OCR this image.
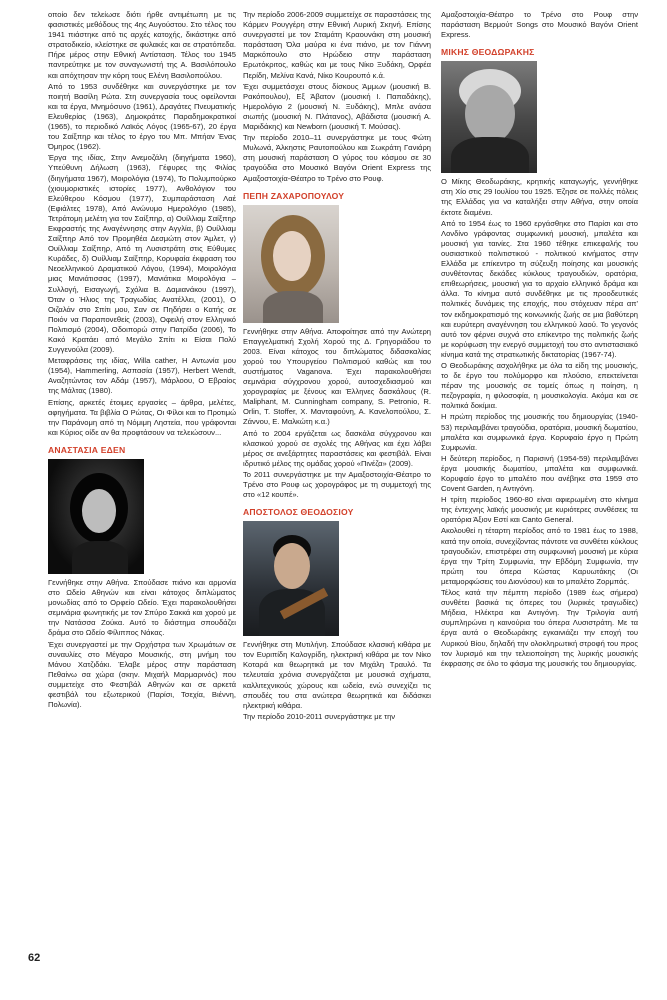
οποίο δεν τελείωσε διότι ήρθε αντιμέτωπη με τις φασιστικές μεθόδους της 4ης Αυγούστου. Στο τέλος του 1941 πιάστηκε από τις αρχές κατοχής, δικάστηκε από στρατοδικείο, κλείστηκε σε φυλακές και σε στρατόπεδα. Πήρε μέρος στην Εθνική Αντίσταση. Τέλος του 1945 παντρεύτηκε με τον συναγωνιστή της Α. Βασιλόπουλο και απόχτησαν την κόρη τους Ελένη Βασιλοπούλου.

Από το 1953 συνδέθηκε και συνεργάστηκε με τον ποιητή Βασίλη Ρώτα. Στη συνεργασία τους οφείλονται και τα έργα, Μνημόσυνο (1961), Δραγάτες Πνευματικής Ελευθερίας (1963), Δημοκράτες Παραδημοκρατικοί (1965), το περιοδικό Λαϊκός Λόγος (1965-67), 20 έργα του Σαίξπηρ και τέλος το έργο του Μπ. Μπήαν Ένας Όμηρος (1962).

Έργα της ιδίας, Στην Ανεμοζάλη (διηγήματα 1960), Υπεύθυνη Δήλωση (1963), Γέφυρες της Φιλίας (διηγήματα 1967), Μοιρολόγια (1974), Το Πολυμπούρκο (χιουμοριστικές ιστορίες 1977), Ανθολόγιον του Ελεύθερου Κόσμου (1977), Συμπαράσταση Λαέ (Εφιάλτες 1978), Από Ανώνυμο Ημερολόγιο (1985), Τετράτομη μελέτη για τον Σαίξπηρ, α) Ουίλλιαμ Σαίξπηρ Εκφραστής της Αναγέννησης στην Αγγλία, β) Ουίλλιαμ Σαίξπηρ Από τον Προμηθέα Δεσμώτη στον Άμλετ, γ) Ουίλλιαμ Σαίξπηρ, Από τη Λυσιστράτη στις Εύθυμες Κυράδες, δ) Ουίλλιαμ Σαίξπηρ, Κορυφαία έκφραση του Νεοελληνικού Δραματικού Λόγου, (1994), Μοιρολόγια μιας Μανιάτισσας (1997), Μανιάτικα Μοιρολόγια – Συλλογή, Εισαγωγή, Σχόλια Β. Δαμιανάκου (1997), Όταν ο Ήλιος της Τραγωδίας Ανατέλλει, (2001), Ο Οιζαλάν στο Σπίτι μου, Σαν σε Πηδήσει ο Κατής σε Ποιόν να Παραπονεθείς (2003), Οφειλή στον Ελληνικό Πολιτισμό (2004), Οδοιπορώ στην Πατρίδα (2006), Το Κακό Κρατάει από Μεγάλο Σπίτι κι Είσαι Πολύ Συγγενούλα (2009).

Μεταφράσεις της ιδίας, Willa cather, Η Αντωνία μου (1954), Hammerling, Ασπασία (1957), Herbert Wendt, Αναζητώντας τον Αδάμ (1957), Μάρλοου, Ο Εβραίος της Μάλτας (1980).

Επίσης, αρκετές έτοιμες εργασίες – άρθρα, μελέτες, αφηγήματα. Τα βιβλία Ο Ρώτας, Οι Φίλοι και το Προτιμώ την Παράνομη από τη Νόμιμη Ληστεία, που γράφονται και Κύριος οίδε αν θα προφτάσουν να τελειώσουν...

ΑΝΑΣΤΑΣΙΑ ΕΔΕΝ

Γεννήθηκε στην Αθήνα. Σπούδασε πιάνο και αρμονία στο Ωδείο Αθηνών και είναι κάτοχος διπλώματος μονωδίας από το Ορφείο Ωδείο. Έχει παρακολουθήσει σεμινάρια φωνητικής με τον Σπύρο Σακκά και χορού με την Νατάσσα Ζούκα. Αυτό το διάστημα σπουδάζει δράμα στο Ωδείο Φίλιππος Νάκας.

Έχει συνεργαστεί με την Ορχήστρα των Χρωμάτων σε συναυλίες στο Μέγαρο Μουσικής, στη μνήμη του Μάνου Χατζιδάκι. Έλαβε μέρος στην παράσταση Πεθαίνω σα χώρα (σκην. Μιχαήλ Μαρμαρινός) που συμμετείχε στο Φεστιβάλ Αθηνών και σε αρκετά φεστιβάλ του εξωτερικού (Παρίσι, Τσεχία, Βιέννη, Πολωνία).

Την περίοδο 2006-2009 συμμετείχε σε παραστάσεις της Κάρμεν Ρουγγέρη στην Εθνική Λυρική Σκηνή. Επίσης συνεργαστεί με τον Σταμάτη Κραουνάκη στη μουσική παράσταση Όλα μαύρα κι ένα πιάνο, με τον Γιάννη Μαρκόπουλο στο Ηρώδειο στην παράσταση Ερωτόκριτος, καθώς και με τους Νίκο Ξυδάκη, Ορφέα Περίδη, Μελίνα Κανά, Νίκο Κουρουπό κ.ά.

Έχει συμμετάσχει στους δίσκους Άμμων (μουσική Β. Ρακόπουλου), Εξ Άβατον (μουσική Ι. Παπαδάκης), Ημερολόγιο 2 (μουσική Ν. Ξυδάκης), Μπλε ανάσα σιωπής (μουσική Ν. Πλάτανος), Αβάδιστα (μουσική Α. Μαριδάκης) και Newborn (μουσική Τ. Μούσας).

Την περίοδο 2010–11 συνεργάστηκε με τους Φώτη Μυλωνά, Άλκηστις Ραυτοπούλου και Σωκράτη Γανιάρη στη μουσική παράσταση Ο γύρος του κόσμου σε 30 τραγούδια στο Μουσικό Βαγόνι Orient Express της Αμαξοστοιχία-Θέατρο το Τρένο στο Ρουφ.

ΠΕΠΗ ΖΑΧΑΡΟΠΟΥΛΟΥ

Γεννήθηκε στην Αθήνα. Αποφοίτησε από την Ανώτερη Επαγγελματική Σχολή Χορού της Δ. Γρηγοριάδου το 2003. Είναι κάτοχος του διπλώματος διδασκαλίας χορού του Υπουργείου Πολιτισμού καθώς και του συστήματος Vaganova. Έχει παρακολουθήσει σεμινάρια σύγχρονου χορού, αυτοσχεδιασμού και χορογραφίας με ξένους και Έλληνες δασκάλους (R. Maliphant, M. Cunningham company, S. Petronio, R. Orlin, T. Stoffer, Χ. Μανταφούνη, Α. Κανελοπούλου, Σ. Ζάννου, Ε. Μαλκώτη κ.α.)

Από το 2004 εργάζεται ως δασκάλα σύγχρονου και κλασικού χορού σε σχολές της Αθήνας και έχει λάβει μέρος σε ανεξάρτητες παραστάσεις και φεστιβάλ. Είναι ιδρυτικό μέλος της ομάδας χορού «Πινέζα» (2009).

Το 2011 συνεργάστηκε με την Αμαξοστοιχία-Θέατρο το Τρένο στο Ρουφ ως χορογράφος με τη συμμετοχή της στο «12 κουπέ».

ΑΠΟΣΤΟΛΟΣ ΘΕΟΔΟΣΙΟΥ

Γεννήθηκε στη Μυτιλήνη. Σπούδασε κλασική κιθάρα με τον Ευριπίδη Καλογρίδη, ηλεκτρική κιθάρα με τον Νίκο Κοταρά και θεωρητικά με τον Μιχάλη Τραυλό. Τα τελευταία χρόνια συνεργάζεται με μουσικά σχήματα, καλλιτεχνικούς χώρους και ωδεία, ενώ συνεχίζει τις σπουδές του στα ανώτερα θεωρητικά και διδάσκει ηλεκτρική κιθάρα.

Την περίοδο 2010-2011 συνεργάστηκε με την

Αμαξοστοιχία-Θέατρο το Τρένο στο Ρουφ στην παράσταση Βερμούτ Songs στο Μουσικό Βαγόνι Orient Express.

ΜΙΚΗΣ ΘΕΟΔΩΡΑΚΗΣ

Ο Μίκης Θεοδωράκης, κρητικής καταγωγής, γεννήθηκε στη Χίο στις 29 Ιουλίου του 1925. Έζησε σε πολλές πόλεις της Ελλάδας για να καταλήξει στην Αθήνα, στην οποία έκτοτε διαμένει.

Από το 1954 έως το 1960 εργάσθηκε στο Παρίσι και στο Λονδίνο γράφοντας συμφωνική μουσική, μπαλέτα και μουσική για ταινίες. Στα 1960 τέθηκε επικεφαλής του ουσιαστικού πολιτιστικού - πολιτικού κινήματος στην Ελλάδα με επίκεντρο τη σύζευξη ποίησης και μουσικής συνθέτοντας δεκάδες κύκλους τραγουδιών, ορατόρια, επιθεωρήσεις, μουσική για το αρχαίο ελληνικό δράμα και άλλα. Το κίνημα αυτό συνδέθηκε με τις προοδευτικές πολιτικές δυνάμεις της εποχής, που στόχευαν πέρα απ' τον εκδημοκρατισμό της κοινωνικής ζωής σε μια βαθύτερη και ευρύτερη αναγέννηση του ελληνικού λαού. Το γεγονός αυτό τον φέρνει συχνά στο επίκεντρο της πολιτικής ζωής με κορύφωση την ενεργό συμμετοχή του στο αντιστασιακό κίνημα κατά της στρατιωτικής δικτατορίας (1967-74).

Ο Θεοδωράκης ασχολήθηκε με όλα τα είδη της μουσικής, το δε έργο του πολύμορφο και πλούσιο, επεκτείνεται πέραν της μουσικής σε τομείς όπως η ποίηση, η πεζογραφία, η φιλοσοφία, η μουσικολογία. Ακόμα και σε πολιτικά δοκίμια.

Η πρώτη περίοδος της μουσικής του δημιουργίας (1940-53) περιλαμβάνει τραγούδια, ορατόρια, μουσική δωματίου, μπαλέτα και συμφωνικά έργα. Κορυφαίο έργο η Πρώτη Συμφωνία.

Η δεύτερη περίοδος, η Παρισινή (1954-59) περιλαμβάνει έργα μουσικής δωματίου, μπαλέτα και συμφωνικά. Κορυφαίο έργο το μπαλέτο που ανέβηκε στα 1959 στο Covent Garden, η Αντιγόνη.

Η τρίτη περίοδος 1960-80 είναι αφιερωμένη στο κίνημα της έντεχνης λαϊκής μουσικής με κυριότερες συνθέσεις τα ορατόρια Άξιον Εστί και Canto General.

Ακολουθεί η τέταρτη περίοδος από το 1981 έως το 1988, κατά την οποία, συνεχίζοντας πάντοτε να συνθέτει κύκλους τραγουδιών, επιστρέφει στη συμφωνική μουσική με κύρια έργα την Τρίτη Συμφωνία, την Εβδόμη Συμφωνία, την πρώτη του όπερα Κώστας Καρυωτάκης (Οι μεταμορφώσεις του Διονύσου) και το μπαλέτο Ζορμπάς.

Τέλος κατά την πέμπτη περίοδο (1989 έως σήμερα) συνθέτει βασικά τις όπερες του (λυρικές τραγωδίες) Μήδεια, Ηλέκτρα και Αντιγόνη. Την Τριλογία αυτή συμπληρώνει η καινούρια του όπερα Λυσιστράτη. Με τα έργα αυτά ο Θεοδωράκης εγκαινιάζει την εποχή του Λυρικού Βίου, δηλαδή την ολοκληρωτική στροφή του προς τον λυρισμό και την τελειοποίηση της λυρικής μουσικής έκφρασης σε όλο το φάσμα της μουσικής του δημιουργίας.

62
